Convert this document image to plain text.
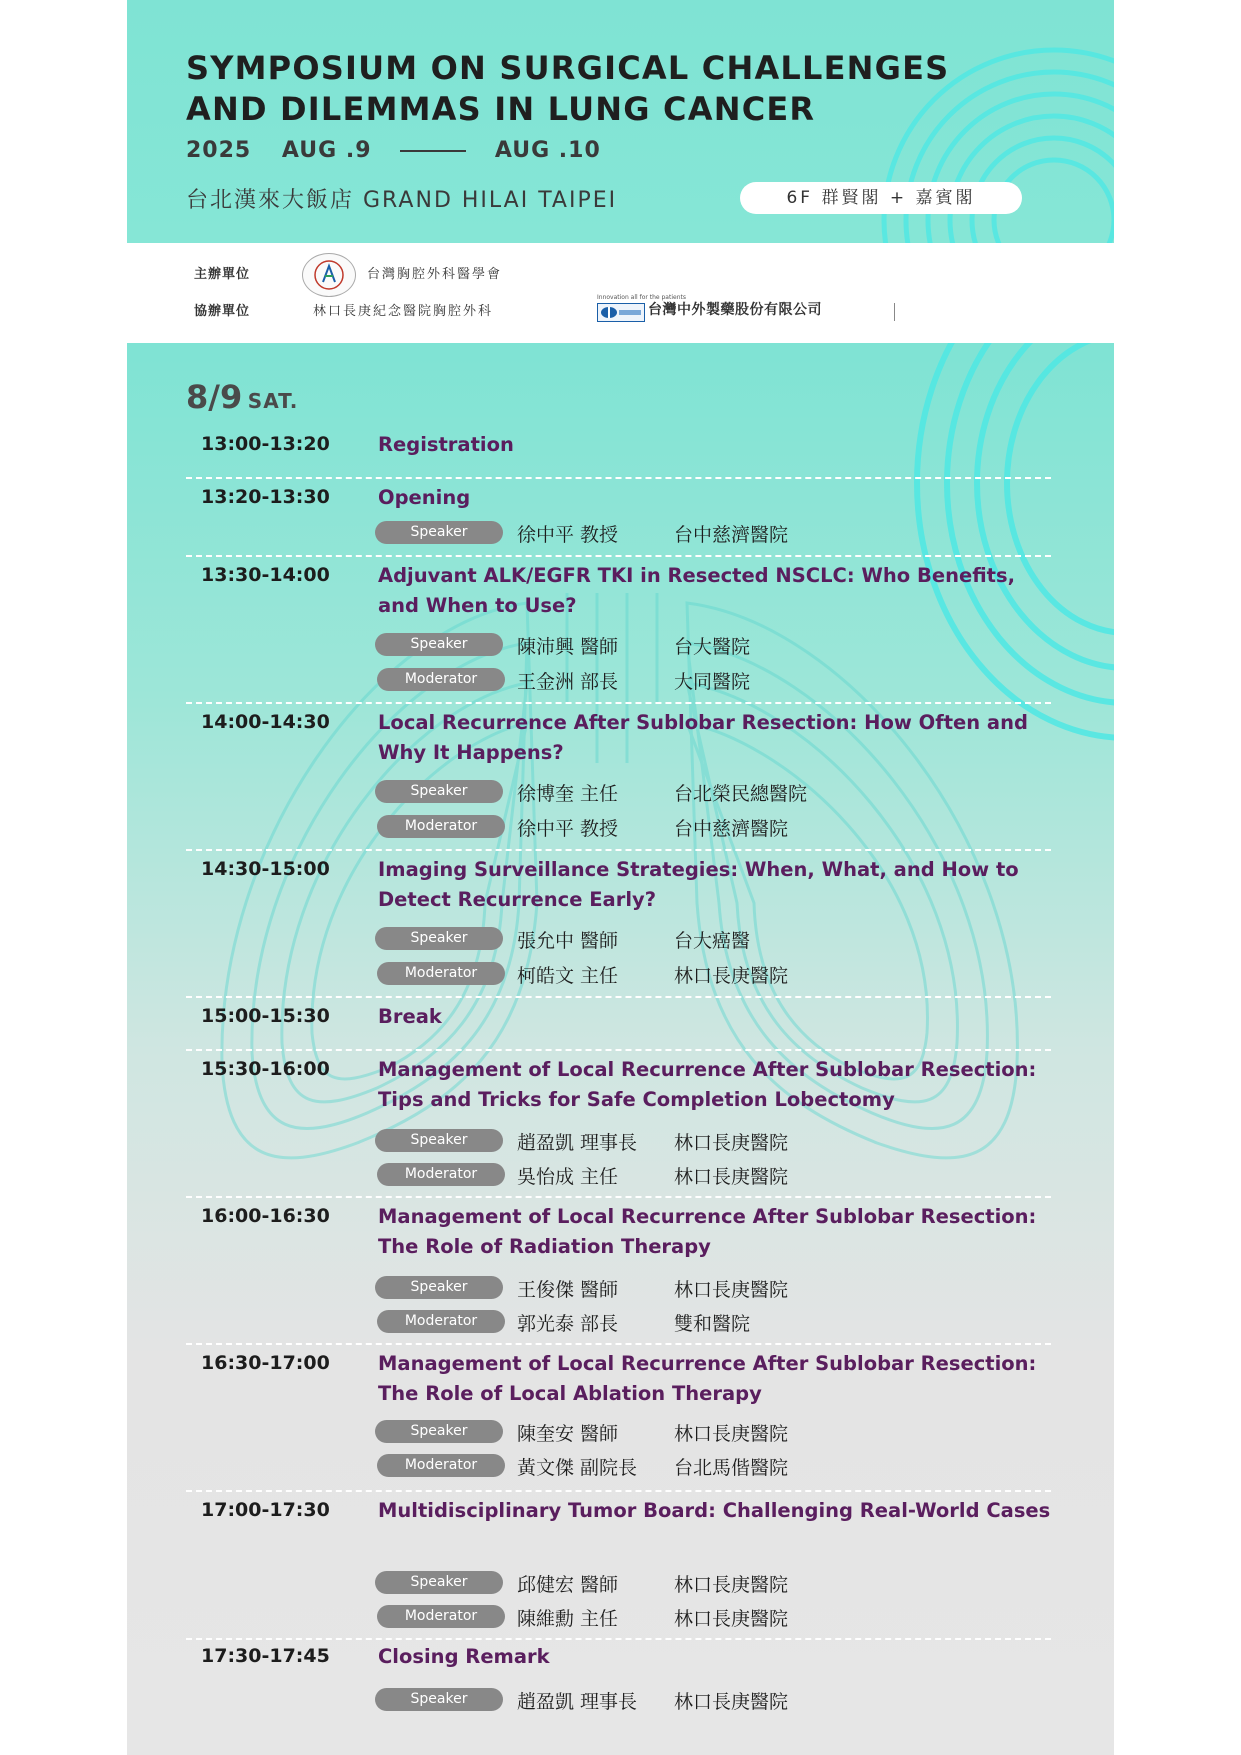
SYMPOSIUM ON SURGICAL CHALLENGES
AND DILEMMAS IN LUNG CANCER
2025 AUG .9	AUG .10
台北漢來大飯店 GRAND HILAI TAIPEI	6F 群賢閣 + 嘉賓閣
主辦單位	台灣胸腔外科醫學會
協辦單位	林口長庚紀念醫院胸腔外科
Innovation all for the patients
台灣中外製藥股份有限公司
8/9 SAT.
13:00-13:20 Registration
13:20-13:30 Opening
Speaker	徐中平 教授	台中慈濟醫院
13:30-14:00 Adjuvant ALK/EGFR TKI in Resected NSCLC: Who Benefits, and When to Use?
Speaker	陳沛興 醫師	台大醫院
Moderator	王金洲 部長	大同醫院
14:00-14:30 Local Recurrence After Sublobar Resection: How Often and Why It Happens?
Speaker	徐博奎 主任	台北榮民總醫院
Moderator	徐中平 教授	台中慈濟醫院
14:30-15:00 Imaging Surveillance Strategies: When, What, and How to Detect Recurrence Early?
Speaker	張允中 醫師	台大癌醫
Moderator	柯皓文 主任	林口長庚醫院
15:00-15:30 Break
15:30-16:00 Management of Local Recurrence After Sublobar Resection: Tips and Tricks for Safe Completion Lobectomy
Speaker	趙盈凱 理事長 林口長庚醫院
Moderator	吳怡成 主任	林口長庚醫院
16:00-16:30 Management of Local Recurrence After Sublobar Resection: The Role of Radiation Therapy
Speaker	王俊傑 醫師	林口長庚醫院
Moderator	郭光泰 部長	雙和醫院
16:30-17:00 Management of Local Recurrence After Sublobar Resection: The Role of Local Ablation Therapy
Speaker	陳奎安 醫師	林口長庚醫院
Moderator	黃文傑 副院長 台北馬偕醫院
17:00-17:30 Multidisciplinary Tumor Board: Challenging Real-World Cases
Speaker	邱健宏 醫師	林口長庚醫院
Moderator	陳維勳 主任	林口長庚醫院
17:30-17:45 Closing Remark
Speaker	趙盈凱 理事長 林口長庚醫院
